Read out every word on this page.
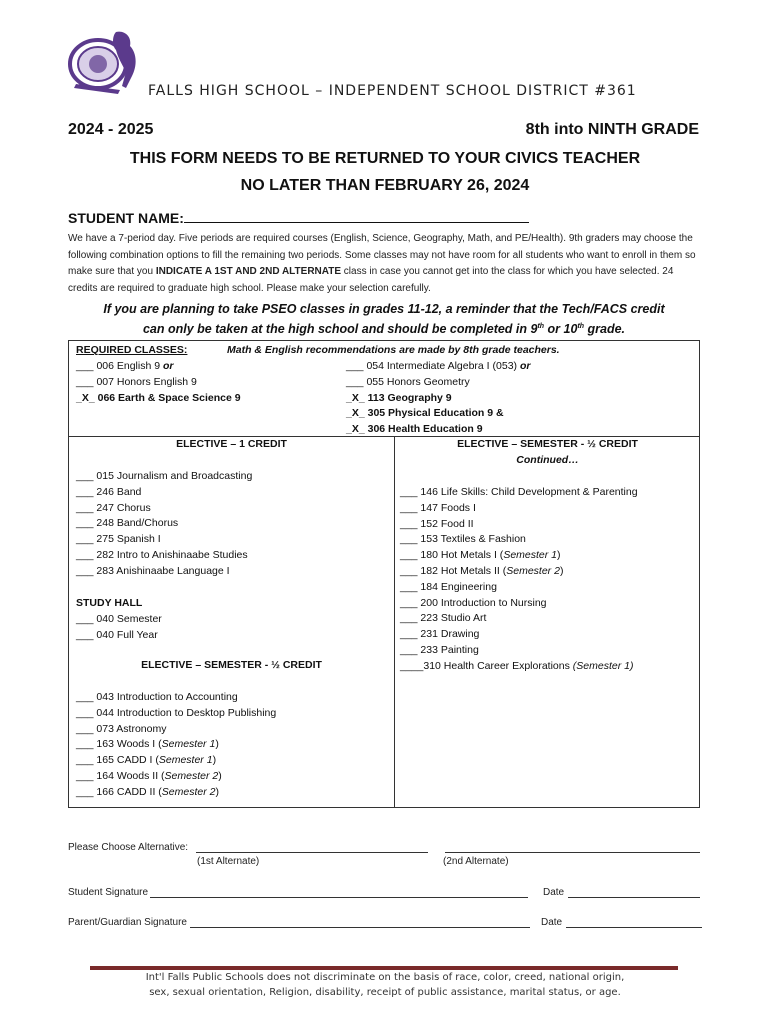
FALLS HIGH SCHOOL – INDEPENDENT SCHOOL DISTRICT #361
2024 - 2025	8th into NINTH GRADE
THIS FORM NEEDS TO BE RETURNED TO YOUR CIVICS TEACHER
NO LATER THAN FEBRUARY 26, 2024
STUDENT NAME:
We have a 7-period day. Five periods are required courses (English, Science, Geography, Math, and PE/Health). 9th graders may choose the following combination options to fill the remaining two periods. Some classes may not have room for all students who want to enroll in them so make sure that you INDICATE A 1ST AND 2ND ALTERNATE class in case you cannot get into the class for which you have selected. 24 credits are required to graduate high school. Please make your selection carefully.
If you are planning to take PSEO classes in grades 11-12, a reminder that the Tech/FACS credit
can only be taken at the high school and should be completed in 9th or 10th grade.
REQUIRED CLASSES:	Math & English recommendations are made by 8th grade teachers.
___ 006 English 9 or
___ 007 Honors English 9
_X_ 066 Earth & Space Science 9
___ 054 Intermediate Algebra I (053) or
___ 055 Honors Geometry
_X_ 113 Geography 9
_X_ 305 Physical Education 9 &
_X_ 306 Health Education 9
ELECTIVE – 1 CREDIT
___ 015 Journalism and Broadcasting
___ 246 Band
___ 247 Chorus
___ 248 Band/Chorus
___ 275 Spanish I
___ 282 Intro to Anishinaabe Studies
___ 283 Anishinaabe Language I
STUDY HALL
___ 040 Semester
___ 040 Full Year
ELECTIVE – SEMESTER - ½ CREDIT
___ 043 Introduction to Accounting
___ 044 Introduction to Desktop Publishing
___ 073 Astronomy
___ 163 Woods I (Semester 1)
___ 165 CADD I (Semester 1)
___ 164 Woods II (Semester 2)
___ 166 CADD II (Semester 2)
ELECTIVE – SEMESTER - ½ CREDIT
Continued…
___ 146 Life Skills: Child Development & Parenting
___ 147 Foods I
___ 152 Food II
___ 153 Textiles & Fashion
___ 180 Hot Metals I (Semester 1)
___ 182 Hot Metals II (Semester 2)
___ 184 Engineering
___ 200 Introduction to Nursing
___ 223 Studio Art
___ 231 Drawing
___ 233 Painting
____310 Health Career Explorations (Semester 1)
Please Choose Alternative:
(1st Alternate)	(2nd Alternate)
Student Signature	Date
Parent/Guardian Signature	Date
Int'l Falls Public Schools does not discriminate on the basis of race, color, creed, national origin,
sex, sexual orientation, Religion, disability, receipt of public assistance, marital status, or age.
